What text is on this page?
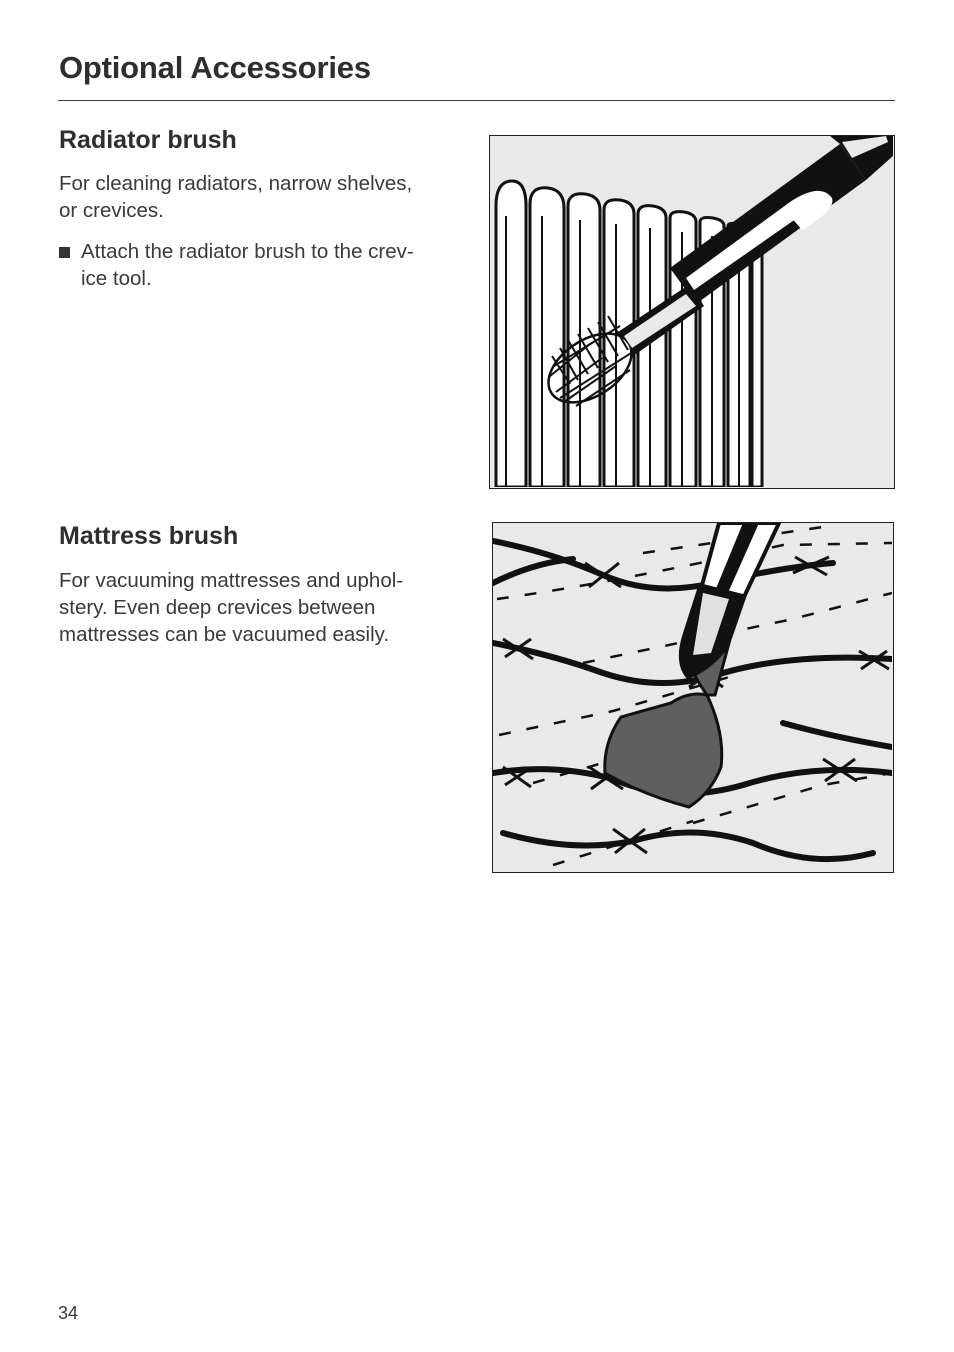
Optional Accessories
Radiator brush

For cleaning radiators, narrow shelves,
or crevices.

Attach the radiator brush to the crev-
ice tool.

Mattress brush

For vacuuming mattresses and uphol-
stery. Even deep crevices between
mattresses can be vacuumed easily.

34
